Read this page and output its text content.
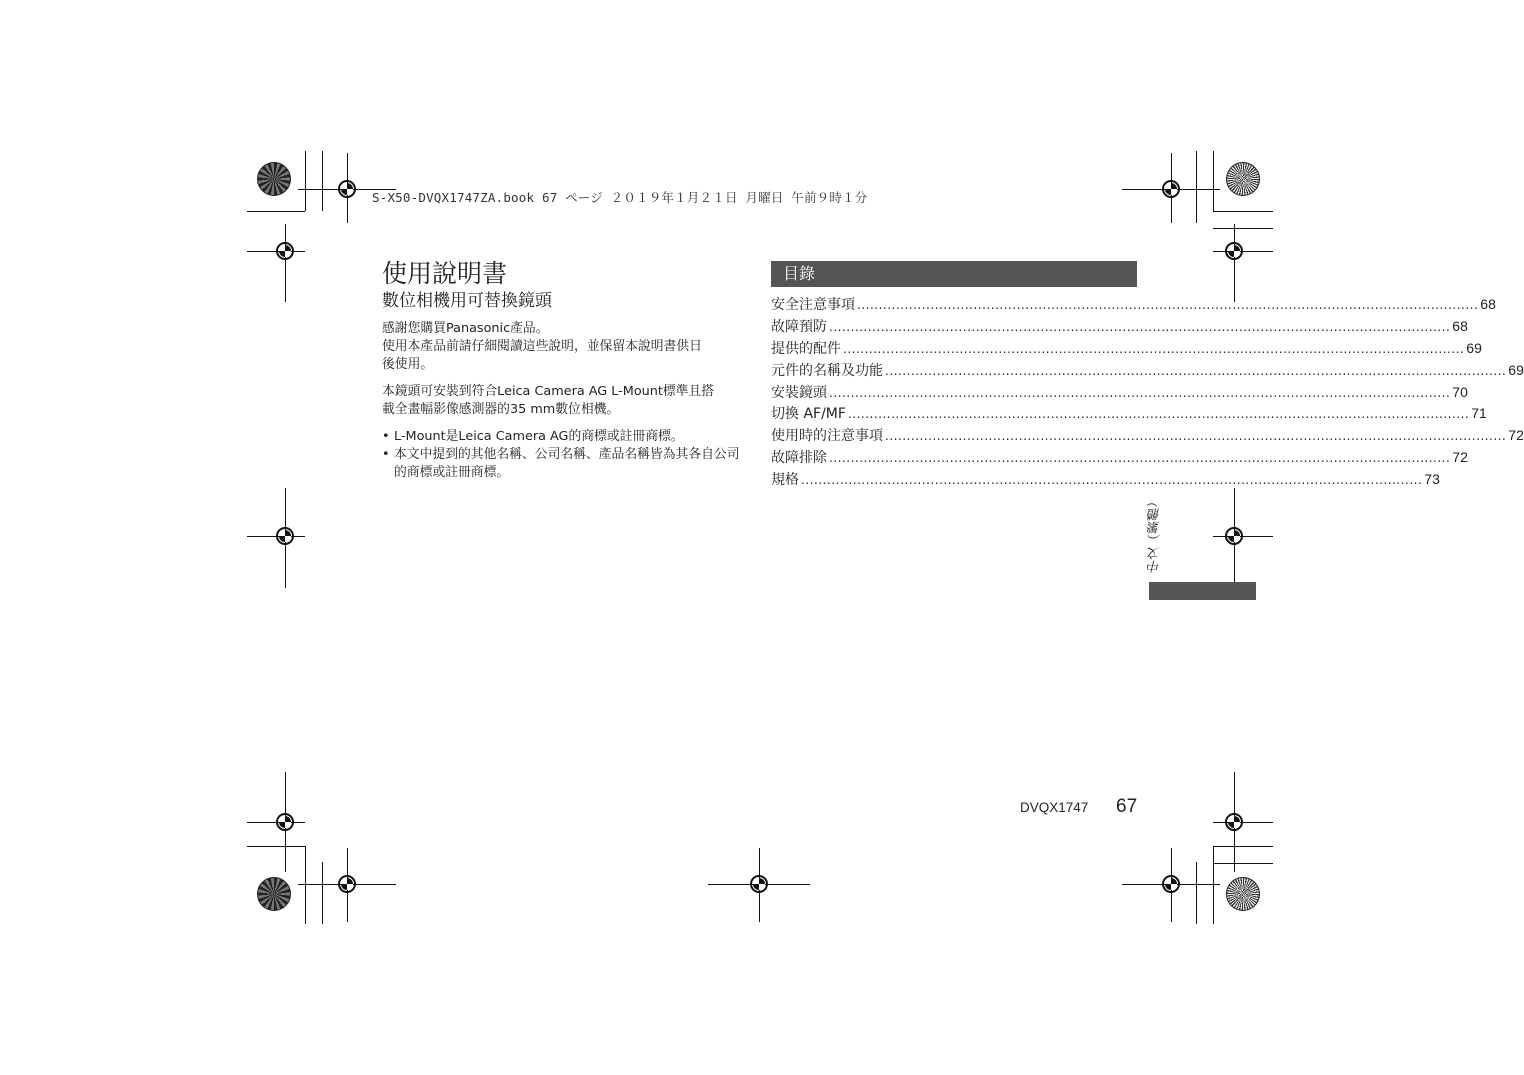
S-X50-DVQX1747ZA.book 67 ページ ２０１９年１月２１日 月曜日 午前９時１分
使用說明書
數位相機用可替換鏡頭
感謝您購買Panasonic產品。
使用本產品前請仔細閱讀這些說明，並保留本說明書供日
後使用。
本鏡頭可安裝到符合Leica Camera AG L-Mount標準且搭
載全畫幅影像感測器的35 mm數位相機。
• L-Mount是Leica Camera AG的商標或註冊商標。
• 本文中提到的其他名稱、公司名稱、產品名稱皆為其各自公司的商標或註冊商標。
目錄
安全注意事項 ................................................................................................................................................ 68
故障預防 ................................................................................................................................................ 68
提供的配件 ................................................................................................................................................ 69
元件的名稱及功能 ................................................................................................................................................ 69
安裝鏡頭 ................................................................................................................................................ 70
切換 AF/MF ................................................................................................................................................ 71
使用時的注意事項 ................................................................................................................................................ 72
故障排除 ................................................................................................................................................ 72
規格 ................................................................................................................................................ 73
中文（繁體）
DVQX1747 67
